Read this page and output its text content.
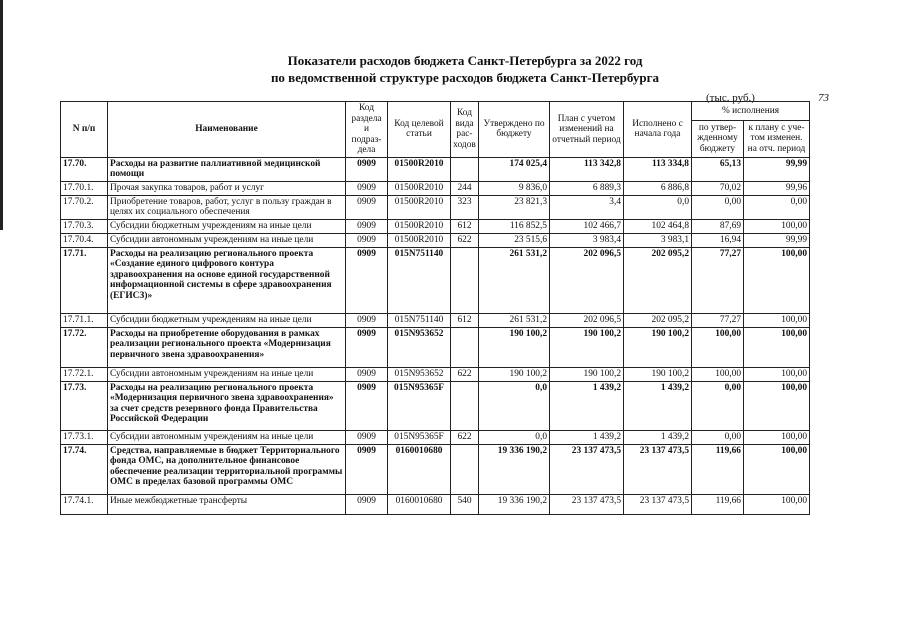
Показатели расходов бюджета Санкт-Петербурга за 2022 год
по ведомственной структуре расходов бюджета Санкт-Петербурга
(тыс. руб.)	73
N п/п	Наименование	Код раздела и подраз-дела	Код целевой статьи	Код вида рас-ходов	Утверждено по бюджету	План с учетом изменений на отчетный период	Исполнено с начала года	% исполнения	
								по утвер-жденному бюджету	к плану с уче-том изменен. на отч. период
17.70.	Расходы на развитие паллиативной медицинской помощи	0909	01500R2010		174 025,4	113 342,8	113 334,8	65,13	99,99
17.70.1.	Прочая закупка товаров, работ и услуг	0909	01500R2010	244	9 836,0	6 889,3	6 886,8	70,02	99,96
17.70.2.	Приобретение товаров, работ, услуг в пользу граждан в целях их социального обеспечения	0909	01500R2010	323	23 821,3	3,4	0,0	0,00	0,00
17.70.3.	Субсидии бюджетным учреждениям на иные цели	0909	01500R2010	612	116 852,5	102 466,7	102 464,8	87,69	100,00
17.70.4.	Субсидии автономным учреждениям на иные цели	0909	01500R2010	622	23 515,6	3 983,4	3 983,1	16,94	99,99
17.71.	Расходы на реализацию регионального проекта «Создание единого цифрового контура здравоохранения на основе единой государственной информационной системы в сфере здравоохранения (ЕГИСЗ)»	0909	015N751140		261 531,2	202 096,5	202 095,2	77,27	100,00
17.71.1.	Субсидии бюджетным учреждениям на иные цели	0909	015N751140	612	261 531,2	202 096,5	202 095,2	77,27	100,00
17.72.	Расходы на приобретение оборудования в рамках реализации регионального проекта «Модернизация первичного звена здравоохранения»	0909	015N953652		190 100,2	190 100,2	190 100,2	100,00	100,00
17.72.1.	Субсидии автономным учреждениям на иные цели	0909	015N953652	622	190 100,2	190 100,2	190 100,2	100,00	100,00
17.73.	Расходы на реализацию регионального проекта «Модернизация первичного звена здравоохранения» за счет средств резервного фонда Правительства Российской Федерации	0909	015N95365F		0,0	1 439,2	1 439,2	0,00	100,00
17.73.1.	Субсидии автономным учреждениям на иные цели	0909	015N95365F	622	0,0	1 439,2	1 439,2	0,00	100,00
17.74.	Средства, направляемые в бюджет Территориального фонда ОМС, на дополнительное финансовое обеспечение реализации территориальной программы ОМС в пределах базовой программы ОМС	0909	0160010680		19 336 190,2	23 137 473,5	23 137 473,5	119,66	100,00
17.74.1.	Иные межбюджетные трансферты	0909	0160010680	540	19 336 190,2	23 137 473,5	23 137 473,5	119,66	100,00
